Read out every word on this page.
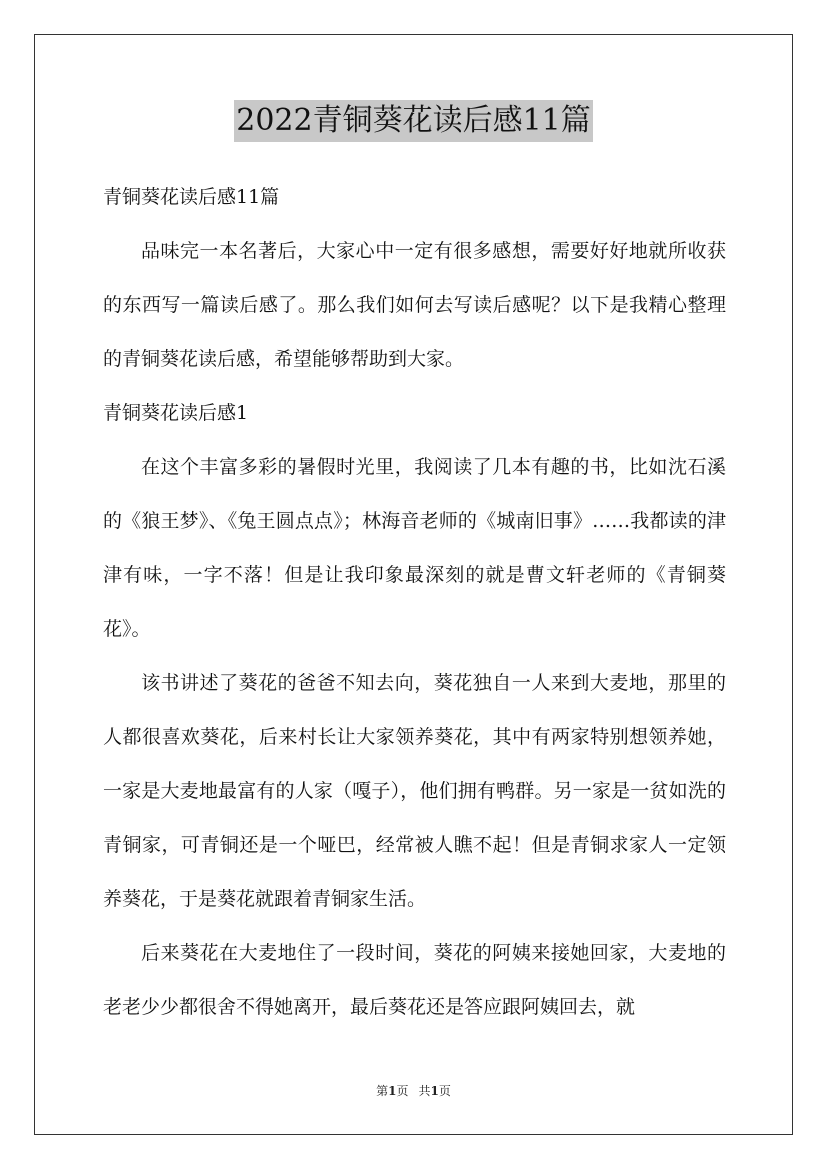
2022青铜葵花读后感11篇

青铜葵花读后感11篇

品味完一本名著后，大家心中一定有很多感想，需要好好地就所收获的东西写一篇读后感了。那么我们如何去写读后感呢？以下是我精心整理的青铜葵花读后感，希望能够帮助到大家。

青铜葵花读后感1

在这个丰富多彩的暑假时光里，我阅读了几本有趣的书，比如沈石溪的《狼王梦》、《兔王圆点点》；林海音老师的《城南旧事》……我都读的津津有味，一字不落！但是让我印象最深刻的就是曹文轩老师的《青铜葵花》。

该书讲述了葵花的爸爸不知去向，葵花独自一人来到大麦地，那里的人都很喜欢葵花，后来村长让大家领养葵花，其中有两家特别想领养她，一家是大麦地最富有的人家（嘎子），他们拥有鸭群。另一家是一贫如洗的青铜家，可青铜还是一个哑巴，经常被人瞧不起！但是青铜求家人一定领养葵花，于是葵花就跟着青铜家生活。

后来葵花在大麦地住了一段时间，葵花的阿姨来接她回家，大麦地的老老少少都很舍不得她离开，最后葵花还是答应跟阿姨回去，就

第1页 共1页
